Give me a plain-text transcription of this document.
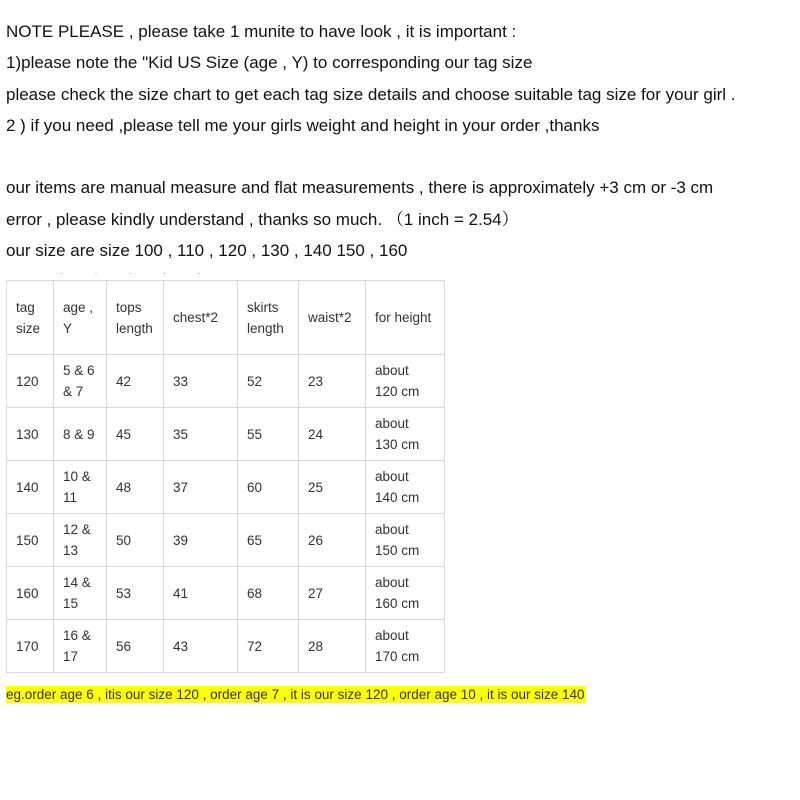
NOTE PLEASE , please take 1 munite to have look , it is important :

1)please note the "Kid US Size (age , Y) to corresponding our tag size

please check the size chart to get each tag size details and choose suitable tag size for your girl .

2 ) if you need ,please tell me your girls weight and height in your order ,thanks

our items are manual measure and flat measurements , there is approximately +3 cm or -3 cm

error , please kindly understand , thanks so much. （1 inch = 2.54）

our size are size 100 , 110 , 120 , 130 , 140 150 , 160

·····
tag size	age , Y	tops length	chest*2	skirts length	waist*2	for height
120	5 & 6 & 7	42	33	52	23	about 120 cm
130	8 & 9	45	35	55	24	about 130 cm
140	10 & 11	48	37	60	25	about 140 cm
150	12 & 13	50	39	65	26	about 150 cm
160	14 & 15	53	41	68	27	about 160 cm
170	16 & 17	56	43	72	28	about 170 cm
eg.order age 6 , itis our size 120 , order age 7 , it is our size 120 , order age 10 , it is our size 140
